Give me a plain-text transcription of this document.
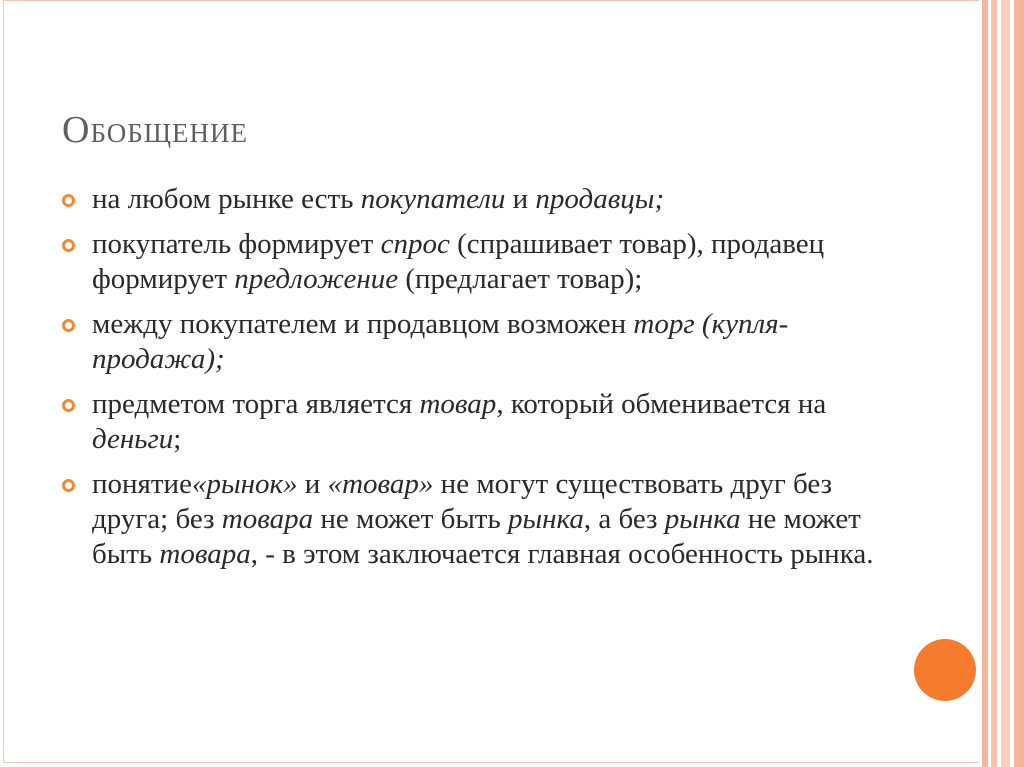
Обобщение
на любом рынке есть покупатели и продавцы;
покупатель формирует спрос (спрашивает товар), продавец формирует предложение (предлагает товар);
между покупателем и продавцом возможен торг (купля-продажа);
предметом торга является товар, который обменивается на деньги;
понятие«рынок» и «товар» не могут существовать друг без друга; без товара не может быть рынка, а без рынка не может быть товара, - в этом заключается главная особенность рынка.
